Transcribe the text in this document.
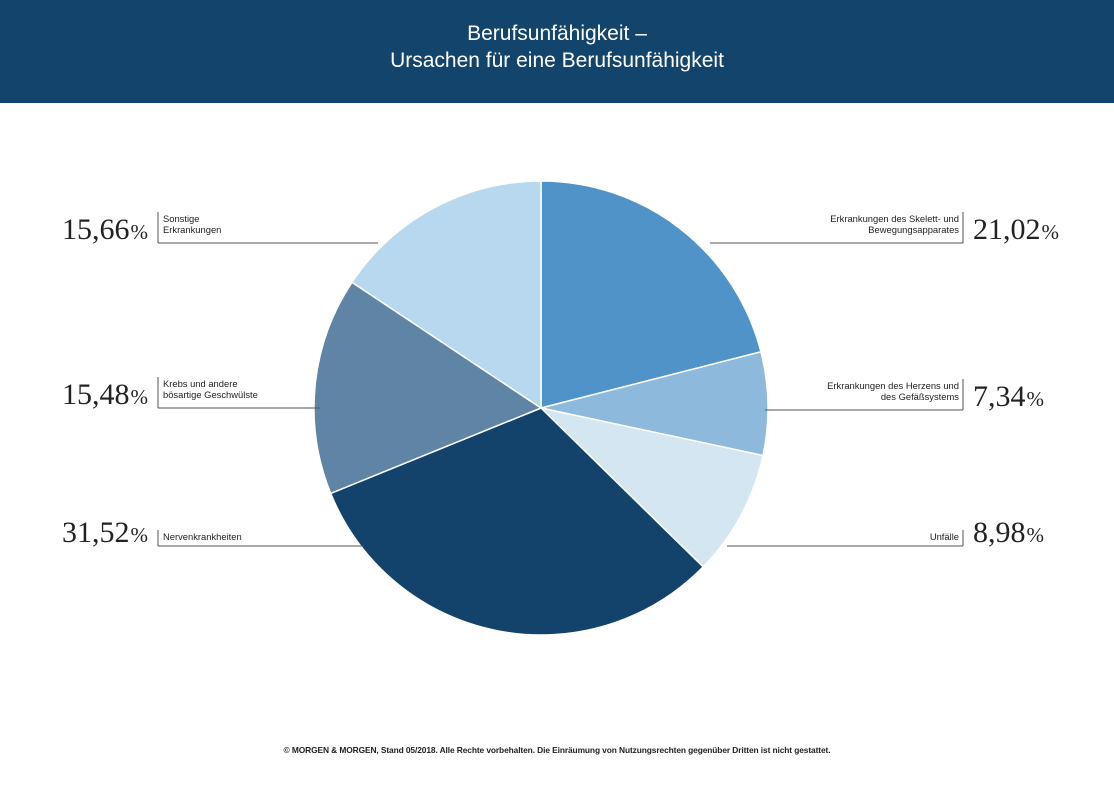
Berufsunfähigkeit –
Ursachen für eine Berufsunfähigkeit
Erkrankungen des Skelett- und
Bewegungsapparates 21,02%
Erkrankungen des Herzens und
des Gefäßsystems 7,34%
Unfälle 8,98%
Nervenkrankheiten
31,52%
Krebs und andere
bösartige Geschwülste
15,48%
Sonstige
Erkrankungen
15,66%
© MORGEN & MORGEN, Stand 05/2018. Alle Rechte vorbehalten. Die Einräumung von Nutzungsrechten gegenüber Dritten ist nicht gestattet.
